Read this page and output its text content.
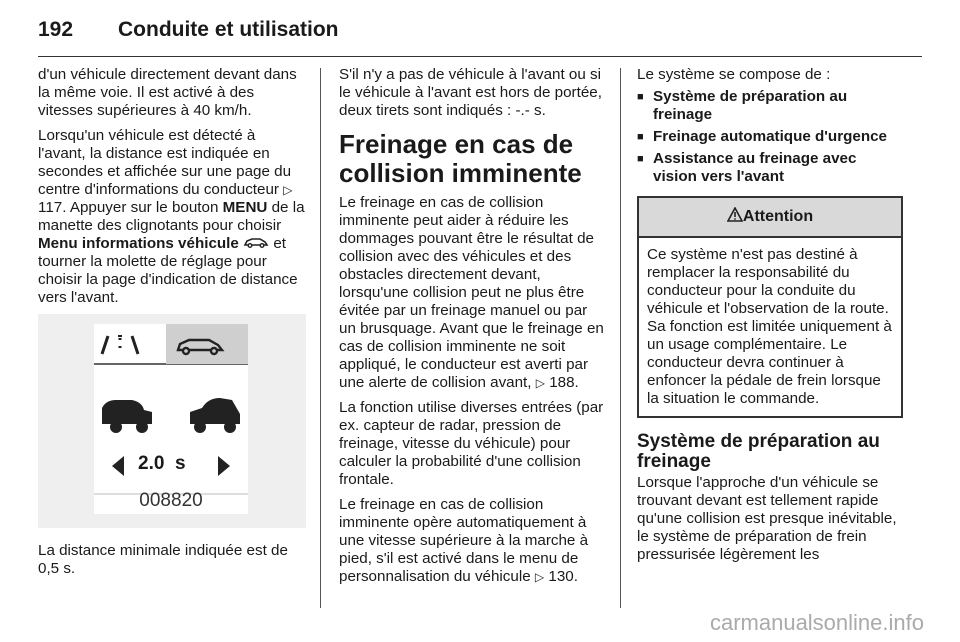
192	Conduite et utilisation

d'un véhicule directement devant dans la même voie. Il est activé à des vitesses supérieures à 40 km/h.

Lorsqu'un véhicule est détecté à l'avant, la distance est indiquée en secondes et affichée sur une page du centre d'informations du conducteur ▷ 117. Appuyer sur le bouton MENU de la manette des clignotants pour choisir Menu informations véhicule et tourner la molette de réglage pour choisir la page d'indication de distance vers l'avant.

2.0 s
008820

La distance minimale indiquée est de 0,5 s.

S'il n'y a pas de véhicule à l'avant ou si le véhicule à l'avant est hors de portée, deux tirets sont indiqués : -.- s.

Freinage en cas de collision imminente

Le freinage en cas de collision imminente peut aider à réduire les dommages pouvant être le résultat de collision avec des véhicules et des obstacles directement devant, lorsqu'une collision peut ne plus être évitée par un freinage manuel ou par un brusquage. Avant que le freinage en cas de collision imminente ne soit appliqué, le conducteur est averti par une alerte de collision avant, ▷ 188.

La fonction utilise diverses entrées (par ex. capteur de radar, pression de freinage, vitesse du véhicule) pour calculer la probabilité d'une collision frontale.

Le freinage en cas de collision imminente opère automatiquement à une vitesse supérieure à la marche à pied, s'il est activé dans le menu de personnalisation du véhicule ▷ 130.

Le système se compose de :

■ Système de préparation au freinage
■ Freinage automatique d'urgence
■ Assistance au freinage avec vision vers l'avant
Attention
Ce système n'est pas destiné à remplacer la responsabilité du conducteur pour la conduite du véhicule et l'observation de la route. Sa fonction est limitée uniquement à un usage complémentaire. Le conducteur devra continuer à enfoncer la pédale de frein lorsque la situation le commande.
Système de préparation au freinage

Lorsque l'approche d'un véhicule se trouvant devant est tellement rapide qu'une collision est presque inévitable, le système de préparation de frein pressurisée légèrement les

carmanualsonline.info
